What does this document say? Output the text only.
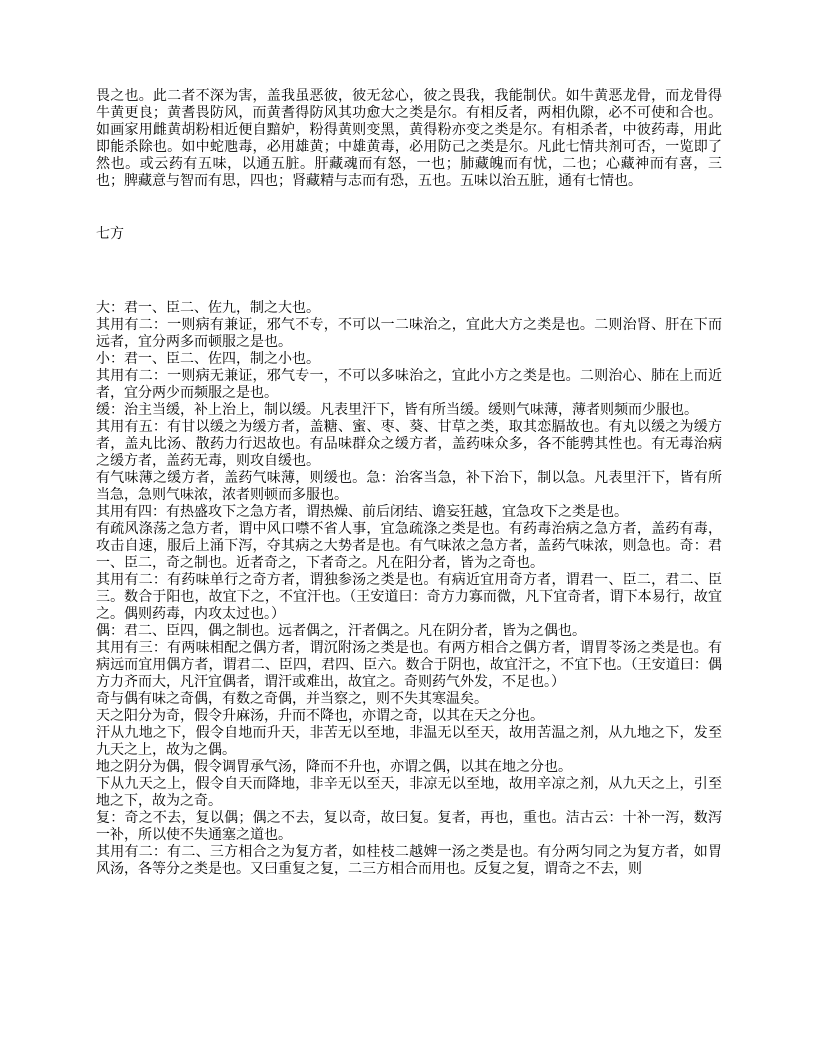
畏之也。此二者不深为害，盖我虽恶彼，彼无忿心，彼之畏我，我能制伏。如牛黄恶龙骨，而龙骨得牛黄更良；黄耆畏防风，而黄耆得防风其功愈大之类是尔。有相反者，两相仇隙，必不可使和合也。如画家用雌黄胡粉相近便自黯妒，粉得黄则变黑，黄得粉亦变之类是尔。有相杀者，中彼药毒，用此即能杀除也。如中蛇虺毒，必用雄黄；中雄黄毒，必用防己之类是尔。凡此七情共剂可否，一览即了然也。或云药有五味，以通五脏。肝藏魂而有怒，一也；肺藏魄而有忧，二也；心藏神而有喜，三也；脾藏意与智而有思，四也；肾藏精与志而有恐，五也。五味以治五脏，通有七情也。
七方
大：君一、臣二、佐九，制之大也。
其用有二：一则病有兼证，邪气不专，不可以一二味治之，宜此大方之类是也。二则治肾、肝在下而远者，宜分两多而顿服之是也。
小：君一、臣二、佐四，制之小也。
其用有二：一则病无兼证，邪气专一，不可以多味治之，宜此小方之类是也。二则治心、肺在上而近者，宜分两少而频服之是也。
缓：治主当缓，补上治上，制以缓。凡表里汗下，皆有所当缓。缓则气味薄，薄者则频而少服也。
其用有五：有甘以缓之为缓方者，盖糖、蜜、枣、葵、甘草之类，取其恋膈故也。有丸以缓之为缓方者，盖丸比汤、散药力行迟故也。有品味群众之缓方者，盖药味众多，各不能骋其性也。有无毒治病之缓方者，盖药无毒，则攻自缓也。
有气味薄之缓方者，盖药气味薄，则缓也。急：治客当急，补下治下，制以急。凡表里汗下，皆有所当急，急则气味浓，浓者则顿而多服也。
其用有四：有热盛攻下之急方者，谓热燥、前后闭结、谵妄狂越，宜急攻下之类是也。
有疏风涤荡之急方者，谓中风口噤不省人事，宜急疏涤之类是也。有药毒治病之急方者，盖药有毒，攻击自速，服后上涌下泻，夺其病之大势者是也。有气味浓之急方者，盖药气味浓，则急也。奇：君一、臣二，奇之制也。近者奇之，下者奇之。凡在阳分者，皆为之奇也。
其用有二：有药味单行之奇方者，谓独参汤之类是也。有病近宜用奇方者，谓君一、臣二，君二、臣三。数合于阳也，故宜下之，不宜汗也。（王安道曰：奇方力寡而微，凡下宜奇者，谓下本易行，故宜之。偶则药毒，内攻太过也。）
偶：君二、臣四，偶之制也。远者偶之，汗者偶之。凡在阴分者，皆为之偶也。
其用有三：有两味相配之偶方者，谓沉附汤之类是也。有两方相合之偶方者，谓胃苓汤之类是也。有病远而宜用偶方者，谓君二、臣四，君四、臣六。数合于阴也，故宜汗之，不宜下也。（王安道曰：偶方力齐而大，凡汗宜偶者，谓汗或难出，故宜之。奇则药气外发，不足也。）
奇与偶有味之奇偶，有数之奇偶，并当察之，则不失其寒温矣。
天之阳分为奇，假令升麻汤，升而不降也，亦谓之奇，以其在天之分也。
汗从九地之下，假令自地而升天，非苦无以至地，非温无以至天，故用苦温之剂，从九地之下，发至九天之上，故为之偶。
地之阴分为偶，假令调胃承气汤，降而不升也，亦谓之偶，以其在地之分也。
下从九天之上，假令自天而降地，非辛无以至天，非凉无以至地，故用辛凉之剂，从九天之上，引至地之下，故为之奇。
复：奇之不去，复以偶；偶之不去，复以奇，故曰复。复者，再也，重也。洁古云：十补一泻，数泻一补，所以使不失通塞之道也。
其用有二：有二、三方相合之为复方者，如桂枝二越婢一汤之类是也。有分两匀同之为复方者，如胃风汤，各等分之类是也。又曰重复之复，二三方相合而用也。反复之复，谓奇之不去，则
